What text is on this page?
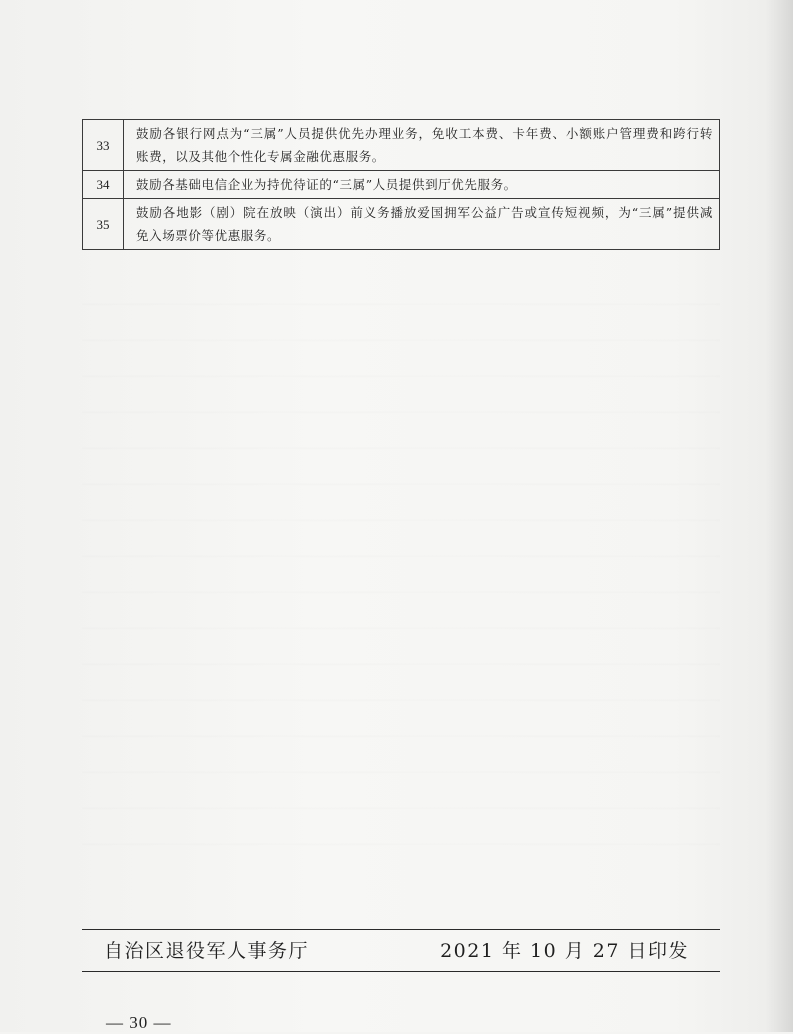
33	鼓励各银行网点为“三属”人员提供优先办理业务，免收工本费、卡年费、小额账户管理费和跨行转账费，以及其他个性化专属金融优惠服务。
34	鼓励各基础电信企业为持优待证的“三属”人员提供到厅优先服务。
35	鼓励各地影（剧）院在放映（演出）前义务播放爱国拥军公益广告或宣传短视频，为“三属”提供减免入场票价等优惠服务。
自治区退役军人事务厅	2021 年 10 月 27 日印发
— 30 —
